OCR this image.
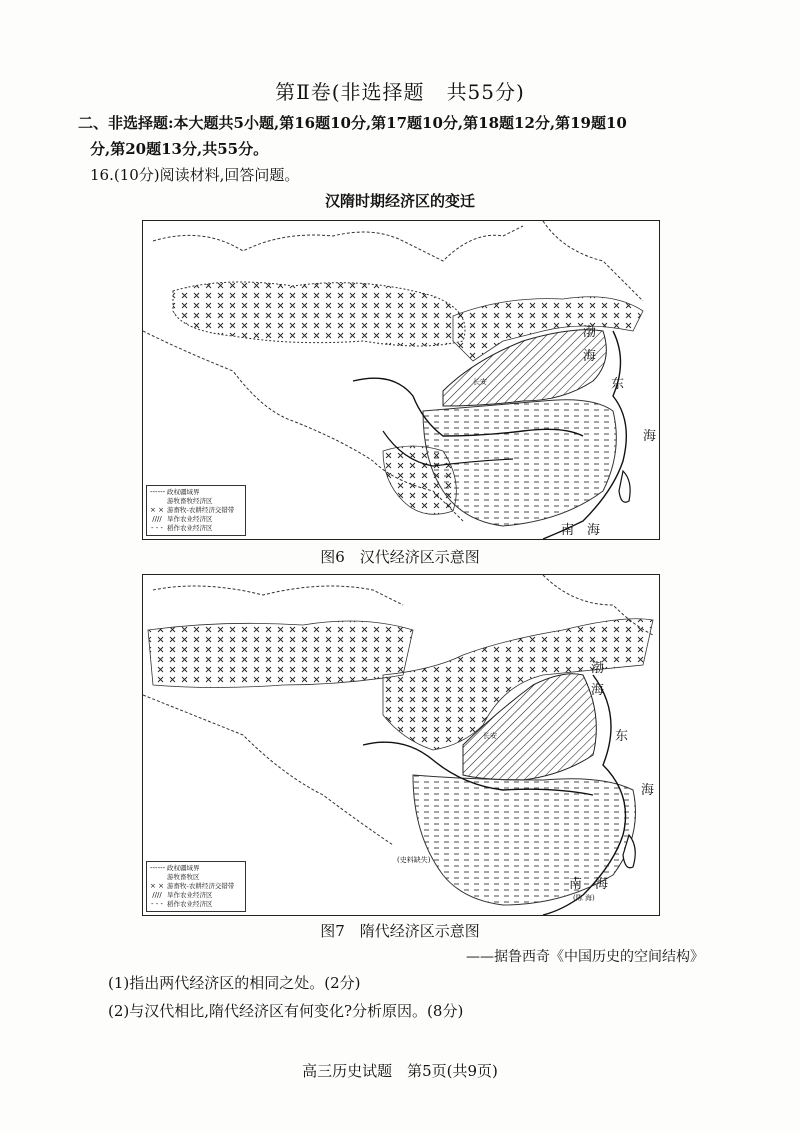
第Ⅱ卷(非选择题 共55分)
二、非选择题:本大题共5小题,第16题10分,第17题10分,第18题12分,第19题10
分,第20题13分,共55分。
16.(10分)阅读材料,回答问题。
汉隋时期经济区的变迁
渤
海
东
海
南 海
长安
------ 政权疆域界
游牧畜牧经济区
× × 游畜牧-农耕经济交错带
//// 旱作农业经济区
- - - 稻作农业经济区
图6　汉代经济区示意图
渤
海
东
海
南 海
长安
(史料缺失)
(陈 海)
------ 政权疆域界
游牧畜牧区
× × 游畜牧-农耕经济交错带
//// 旱作农业经济区
- - - 稻作农业经济区
图7　隋代经济区示意图
——据鲁西奇《中国历史的空间结构》
(1)指出两代经济区的相同之处。(2分)
(2)与汉代相比,隋代经济区有何变化?分析原因。(8分)
高三历史试题　第5页(共9页)
